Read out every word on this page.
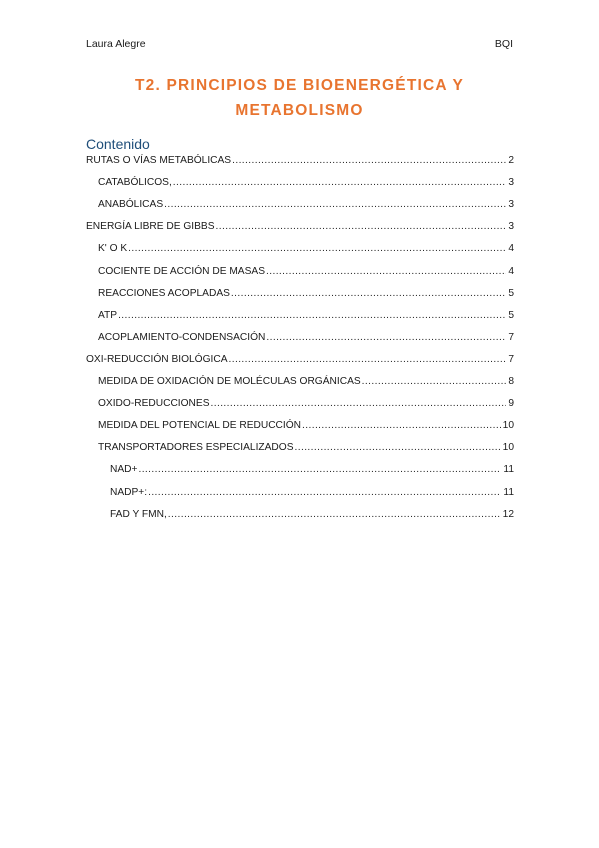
Laura Alegre	BQI
T2. PRINCIPIOS DE BIOENERGÉTICA Y
METABOLISMO
Contenido
RUTAS O VÍAS METABÓLICAS .....	2
CATABÓLICOS, .....	3
ANABÓLICAS .....	3
ENERGÍA LIBRE DE GIBBS .....	3
K' O K .....	4
COCIENTE DE ACCIÓN DE MASAS .....	4
REACCIONES ACOPLADAS .....	5
ATP .....	5
ACOPLAMIENTO-CONDENSACIÓN .....	7
OXI-REDUCCIÓN BIOLÓGICA .....	7
MEDIDA DE OXIDACIÓN DE MOLÉCULAS ORGÁNICAS .....	8
OXIDO-REDUCCIONES .....	9
MEDIDA DEL POTENCIAL DE REDUCCIÓN .....	10
TRANSPORTADORES ESPECIALIZADOS .....	10
NAD+ .....	11
NADP+: .....	11
FAD Y FMN, .....	12
